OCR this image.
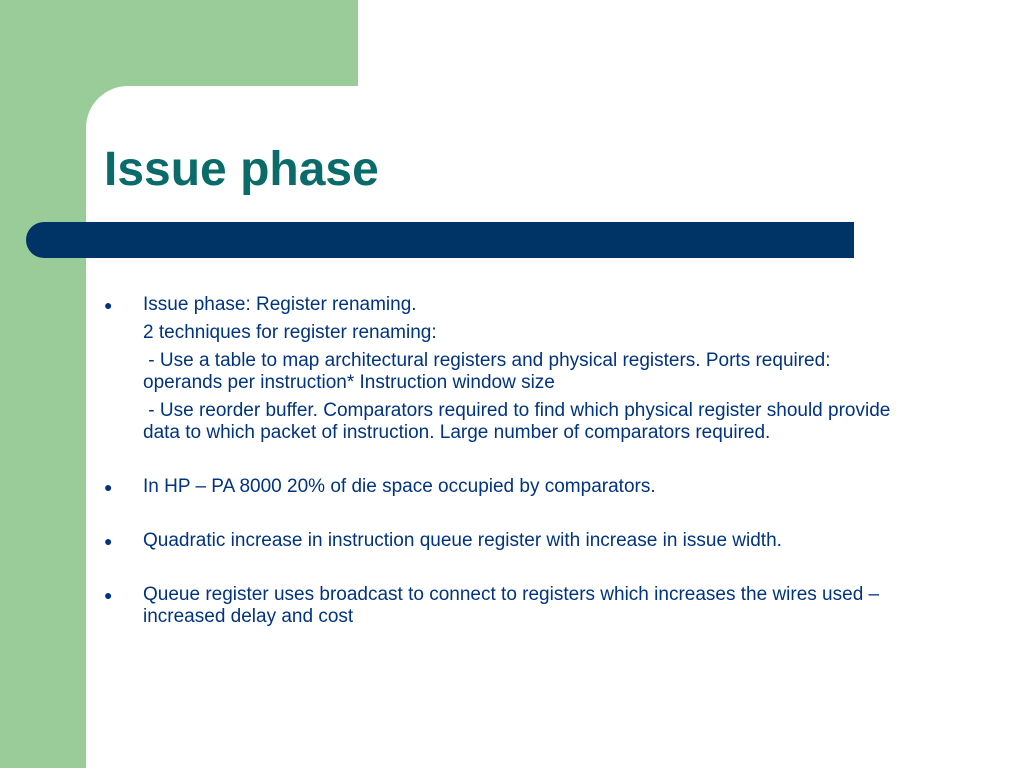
Issue phase
● Issue phase: Register renaming.
2 techniques for register renaming:
- Use a table to map architectural registers and physical registers. Ports required: operands per instruction* Instruction window size
- Use reorder buffer. Comparators required to find which physical register should provide data to which packet of instruction. Large number of comparators required.
● In HP – PA 8000 20% of die space occupied by comparators.
● Quadratic increase in instruction queue register with increase in issue width.
● Queue register uses broadcast to connect to registers which increases the wires used – increased delay and cost
